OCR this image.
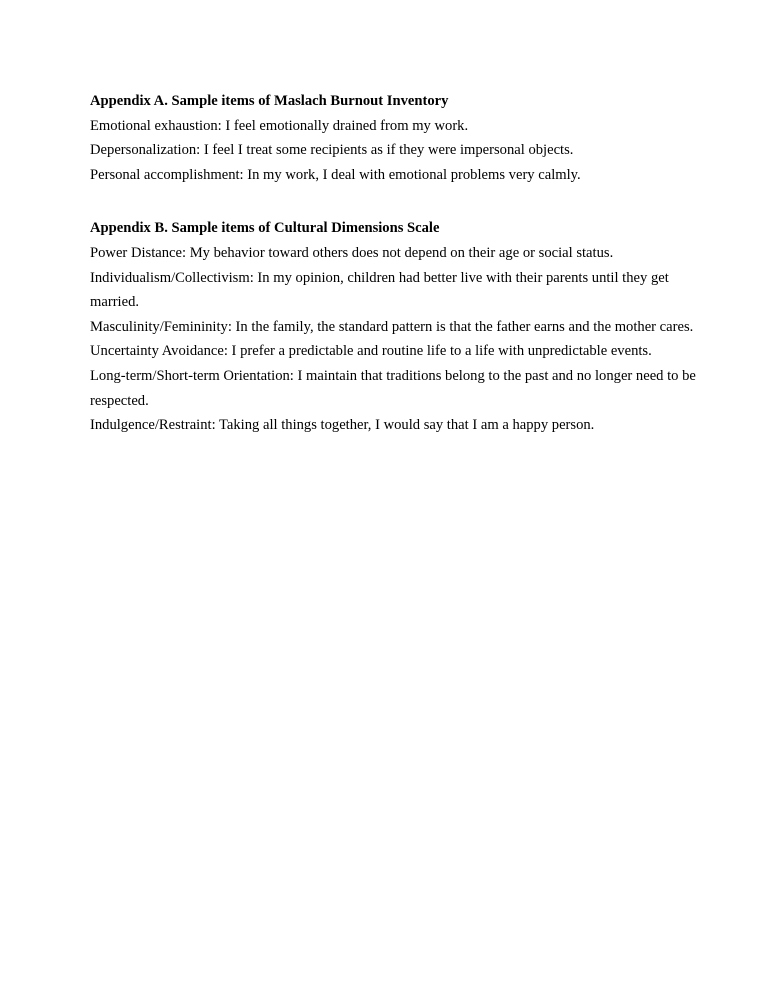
Appendix A. Sample items of Maslach Burnout Inventory

Emotional exhaustion: I feel emotionally drained from my work.

Depersonalization: I feel I treat some recipients as if they were impersonal objects.

Personal accomplishment: In my work, I deal with emotional problems very calmly.

Appendix B. Sample items of Cultural Dimensions Scale

Power Distance: My behavior toward others does not depend on their age or social status.

Individualism/Collectivism: In my opinion, children had better live with their parents until they get married.

Masculinity/Femininity: In the family, the standard pattern is that the father earns and the mother cares.

Uncertainty Avoidance: I prefer a predictable and routine life to a life with unpredictable events.

Long-term/Short-term Orientation: I maintain that traditions belong to the past and no longer need to be respected.

Indulgence/Restraint: Taking all things together, I would say that I am a happy person.
